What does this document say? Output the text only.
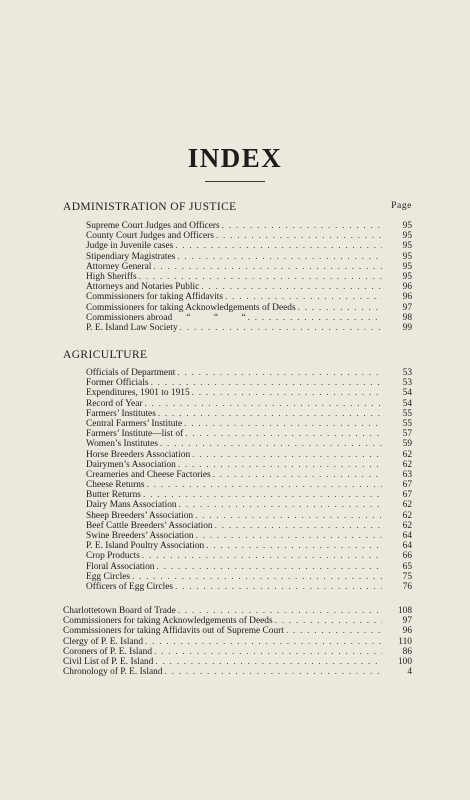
INDEX
ADMINISTRATION OF JUSTICE	Page
Supreme Court Judges and Officers . . .	95
County Court Judges and Officers . . .	95
Judge in Juvenile cases . . .	95
Stipendiary Magistrates . . .	95
Attorney General . . .	95
High Sheriffs . . .	95
Attorneys and Notaries Public . . .	96
Commissioners for taking Affidavits . . .	96
Commissioners for taking Acknowledgements of Deeds . . .	97
Commissioners abroad      “          “          “ . . .	98
P. E. Island Law Society . . .	99
AGRICULTURE
Officials of Department . . .	53
Former Officials . . .	53
Expenditures, 1901 to 1915 . . .	54
Record of Year . . .	54
Farmers’ Institutes . . .	55
Central Farmers’ Institute . . .	55
Farmers’ Institute—list of . . .	57
Women’s Institutes . . .	59
Horse Breeders Association . . .	62
Dairymen’s Association . . .	62
Creameries and Cheese Factories . . .	63
Cheese Returns . . .	67
Butter Returns . . .	67
Dairy Mans Association . . .	62
Sheep Breeders’ Association . . .	62
Beef Cattle Breeders’ Association . . .	62
Swine Breeders’ Association . . .	64
P. E. Island Poultry Association . . .	64
Crop Products . . .	66
Floral Association . . .	65
Egg Circles . . .	75
Officers of Egg Circles . . .	76
Charlottetown Board of Trade . . .	108
Commissioners for taking Acknowledgements of Deeds . . .	97
Commissioners for taking Affidavits out of Supreme Court . . .	96
Clergy of P. E. Island . . .	110
Coroners of P. E. Island . . .	86
Civil List of P. E. Island . . .	100
Chronology of P. E. Island . . .	4
